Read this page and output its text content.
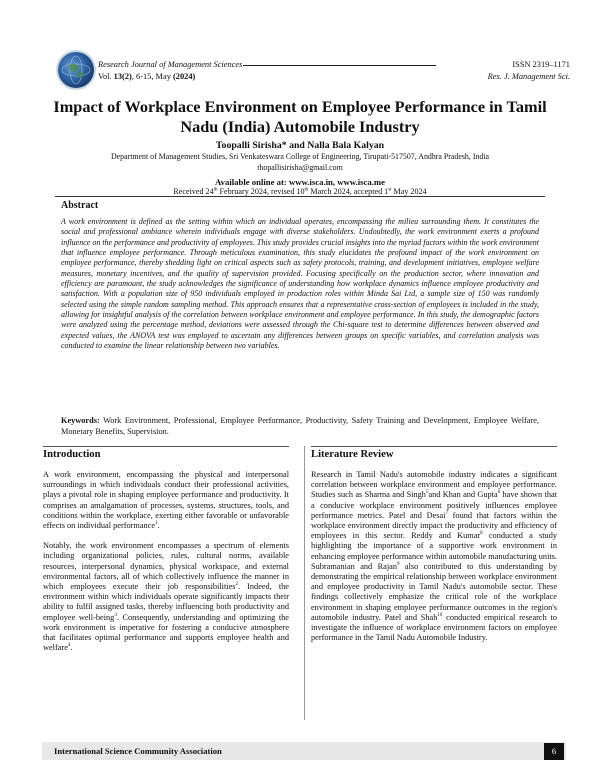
Research Journal of Management Sciences
Vol. 13(2), 6-15, May (2024)
ISSN 2319–1171
Res. J. Management Sci.
Impact of Workplace Environment on Employee Performance in Tamil Nadu (India) Automobile Industry
Toopalli Sirisha* and Nalla Bala Kalyan
Department of Management Studies, Sri Venkateswara College of Engineering, Tirupati-517507, Andhra Pradesh, India
thopallisirisha@gmail.com
Available online at: www.isca.in, www.isca.me
Received 24th February 2024, revised 10th March 2024, accepted 1st May 2024
Abstract
A work environment is defined as the setting within which an individual operates, encompassing the milieu surrounding them. It constitutes the social and professional ambiance wherein individuals engage with diverse stakeholders. Undoubtedly, the work environment exerts a profound influence on the performance and productivity of employees. This study provides crucial insights into the myriad factors within the work environment that influence employee performance. Through meticulous examination, this study elucidates the profound impact of the work environment on employee performance, thereby shedding light on critical aspects such as safety protocols, training, and development initiatives, employee welfare measures, monetary incentives, and the quality of supervision provided. Focusing specifically on the production sector, where innovation and efficiency are paramount, the study acknowledges the significance of understanding how workplace dynamics influence employee productivity and satisfaction. With a population size of 950 individuals employed in production roles within Minda Sai Ltd, a sample size of 150 was randomly selected using the simple random sampling method. This approach ensures that a representative cross-section of employees is included in the study, allowing for insightful analysis of the correlation between workplace environment and employee performance. In this study, the demographic factors were analyzed using the percentage method, deviations were assessed through the Chi-square test to determine differences between observed and expected values, the ANOVA test was employed to ascertain any differences between groups on specific variables, and correlation analysis was conducted to examine the linear relationship between two variables.
Keywords: Work Environment, Professional, Employee Performance, Productivity, Safety Training and Development, Employee Welfare, Monetary Benefits, Supervision.
Introduction

A work environment, encompassing the physical and interpersonal surroundings in which individuals conduct their professional activities, plays a pivotal role in shaping employee performance and productivity. It comprises an amalgamation of processes, systems, structures, tools, and conditions within the workplace, exerting either favorable or unfavorable effects on individual performance$^1$.

Notably, the work environment encompasses a spectrum of elements including organizational policies, rules, cultural norms, available resources, interpersonal dynamics, physical workspace, and external environmental factors, all of which collectively influence the manner in which employees execute their job responsibilities$^2$. Indeed, the environment within which individuals operate significantly impacts their ability to fulfil assigned tasks, thereby influencing both productivity and employee well-being$^3$. Consequently, understanding and optimizing the work environment is imperative for fostering a conducive atmosphere that facilitates optimal performance and supports employee health and welfare$^4$.

Literature Review

Research in Tamil Nadu's automobile industry indicates a significant correlation between workplace environment and employee performance. Studies such as Sharma and Singh$^5$and Khan and Gupta$^6$ have shown that a conducive workplace environment positively influences employee performance metrics. Patel and Desai$^7$ found that factors within the workplace environment directly impact the productivity and efficiency of employees in this sector. Reddy and Kumar$^8$ conducted a study highlighting the importance of a supportive work environment in enhancing employee performance within automobile manufacturing units. Subramanian and Rajan$^9$ also contributed to this understanding by demonstrating the empirical relationship between workplace environment and employee productivity in Tamil Nadu's automobile sector. These findings collectively emphasize the critical role of the workplace environment in shaping employee performance outcomes in the region's automobile industry. Patel and Shah$^{10}$ conducted empirical research to investigate the influence of workplace environment factors on employee performance in the Tamil Nadu Automobile Industry.

International Science Community Association	6
